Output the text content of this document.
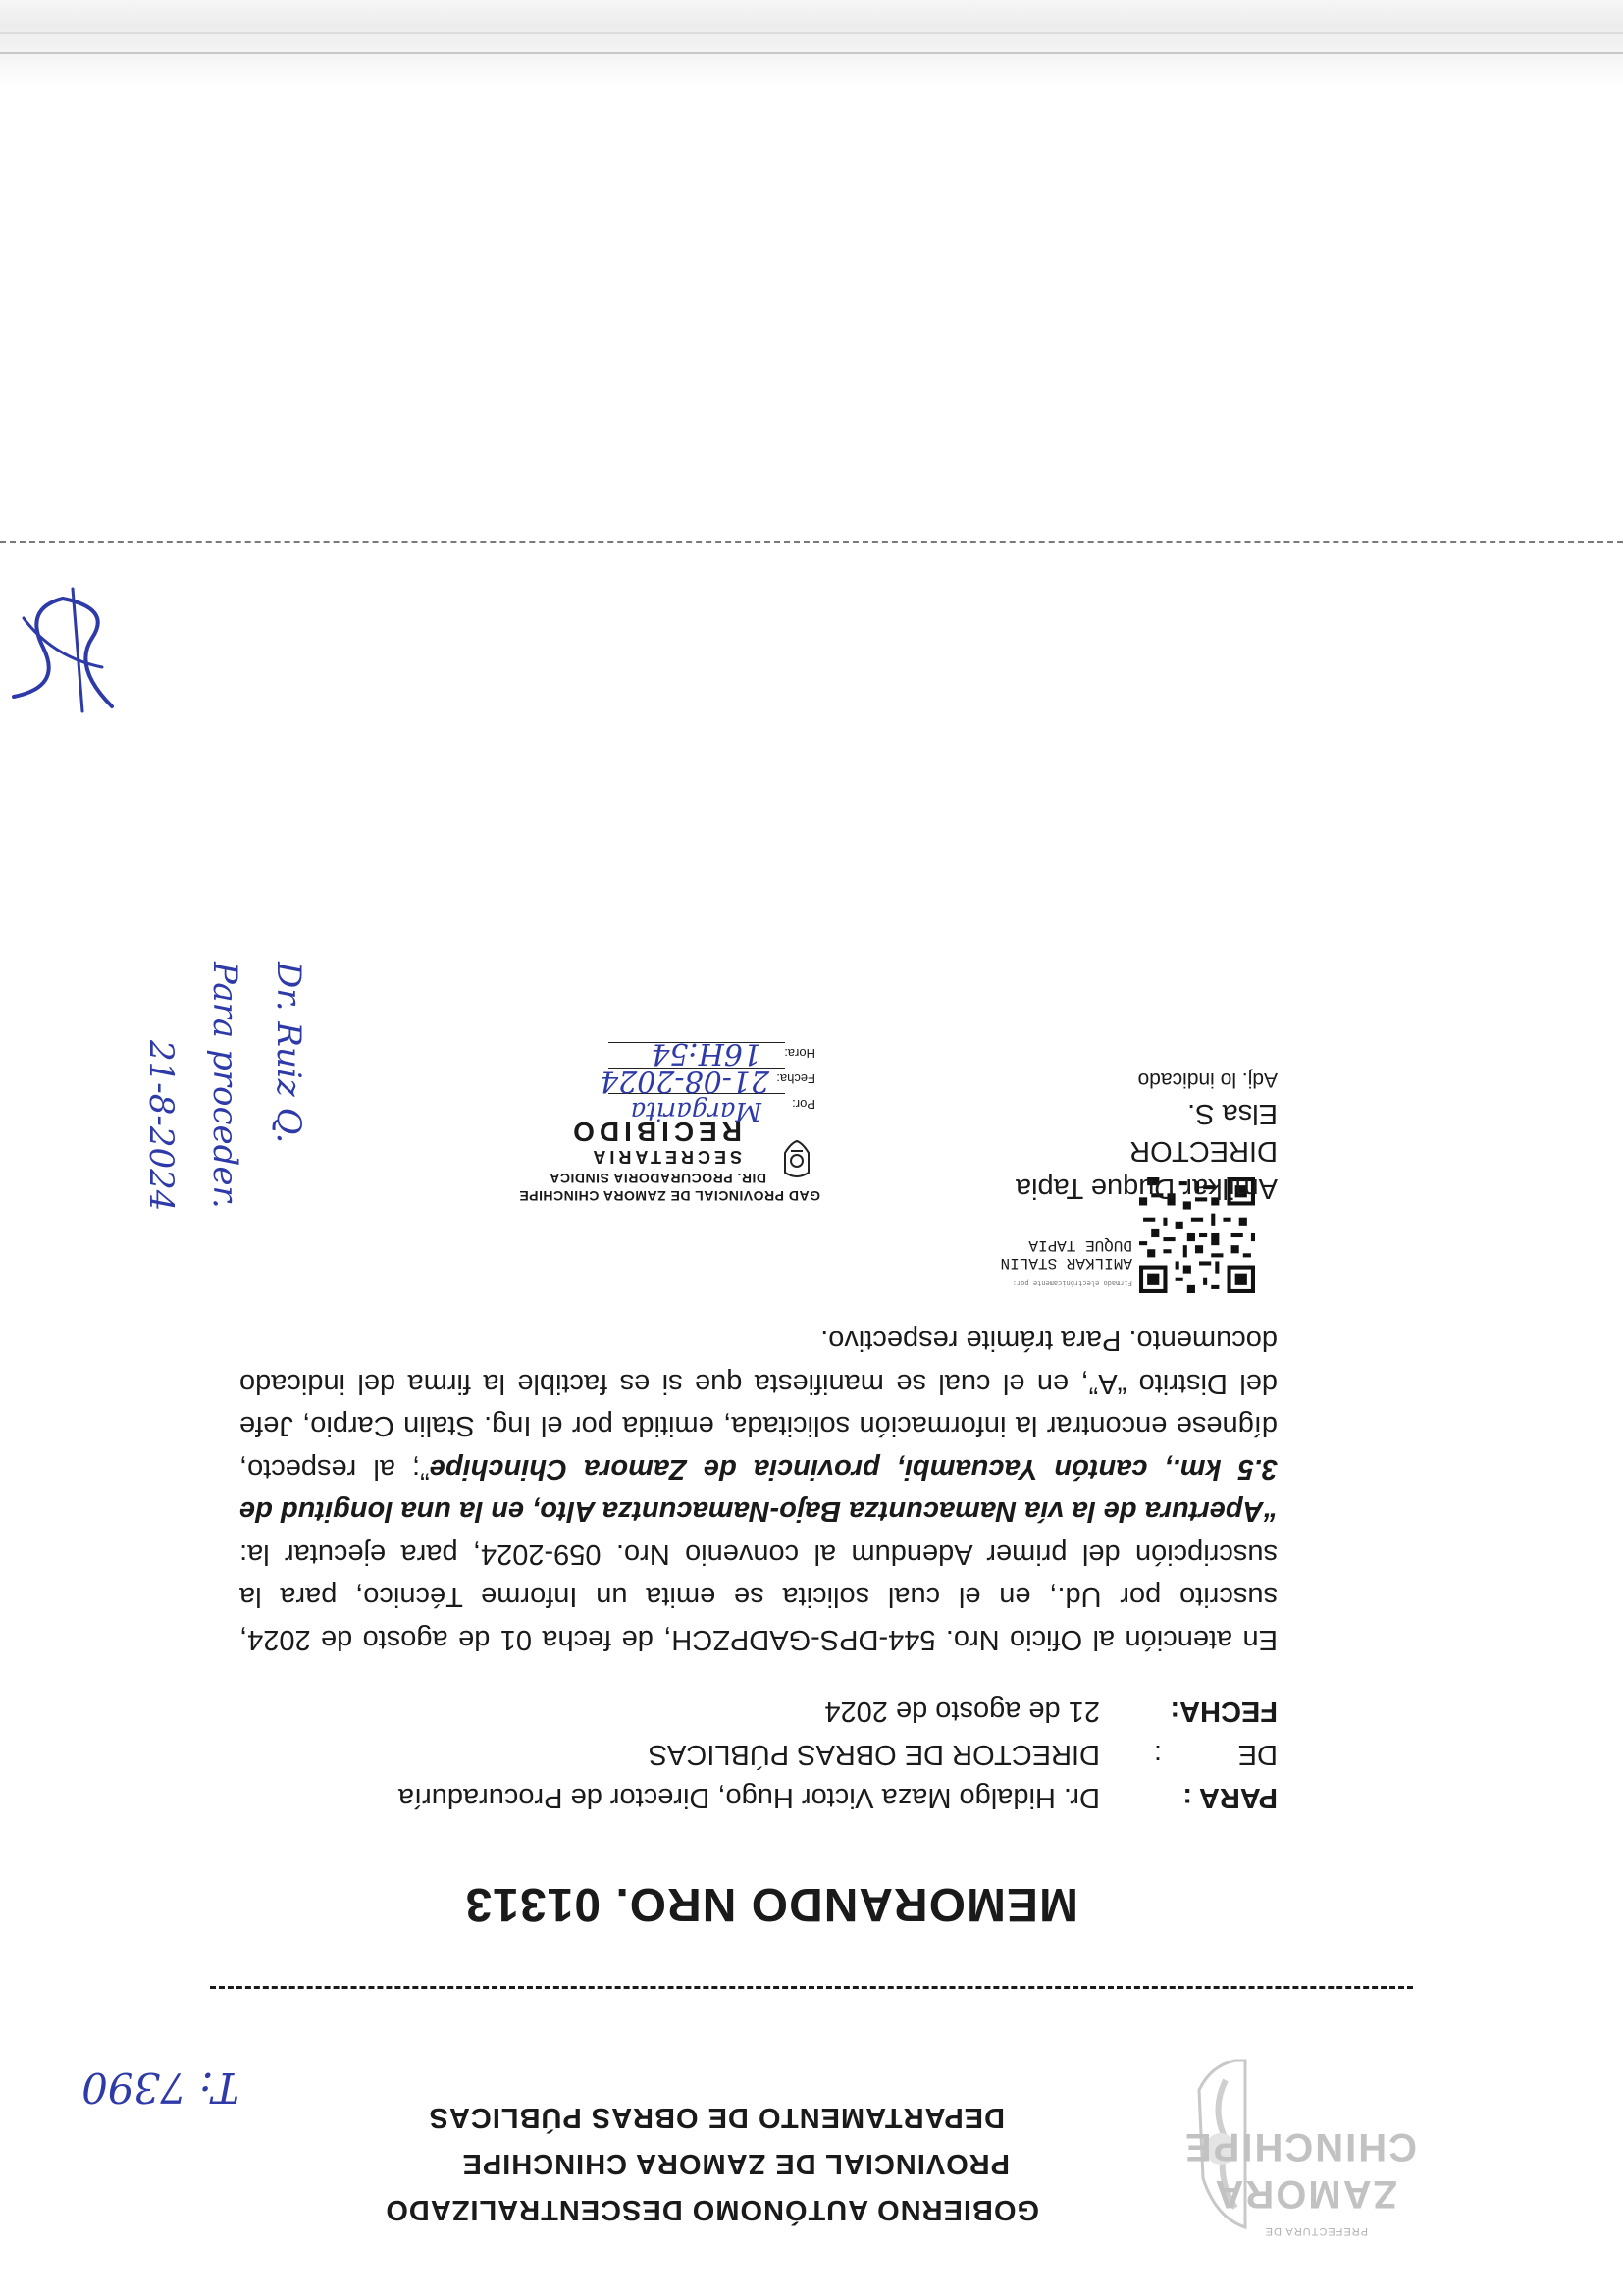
PREFECTURA DE
ZAMORA
CHINCHIPE
GOBIERNO AUTÓNOMO DESCENTRALIZADO
PROVINCIAL DE ZAMORA CHINCHIPE
DEPARTAMENTO DE OBRAS PÚBLICAS
T: 7390
MEMORANDO NRO. 01313
PARA :
Dr. Hidalgo Maza Victor Hugo, Director de Procuraduría
DE
:
DIRECTOR DE OBRAS PÚBLICAS
FECHA:
21 de agosto de 2024
En atención al Oficio Nro. 544-DPS-GADPZCH, de fecha 01 de agosto de 2024, suscrito por Ud., en el cual solicita se emita un Informe Técnico, para la suscripción del primer Adendum al convenio Nro. 059-2024, para ejecutar la: “Apertura de la vía Namacuntza Bajo-Namacuntza Alto, en la una longitud de 3.5 km., cantón Yacuambi, provincia de Zamora Chinchipe”; al respecto, dígnese encontrar la información solicitada, emitida por el Ing. Stalin Carpio, Jefe del Distrito “A”, en el cual se manifiesta que si es factible la firma del indicado documento. Para trámite respectivo.
Firmado electrónicamente por:
AMILKAR STALIN
DUQUE TAPIA
Amilkar Duque Tapia
DIRECTOR
Elsa S.
Adj. lo indicado
GAD PROVINCIAL DE ZAMORA CHINCHIPE
DIR. PROCURADORIA SINDICA
SECRETARIA
RECIBIDO
Por:
Margarita
Fecha:
21-08-2024
Hora:
16H:54
Dr. Ruiz Q.
Para proceder.
21-8-2024
